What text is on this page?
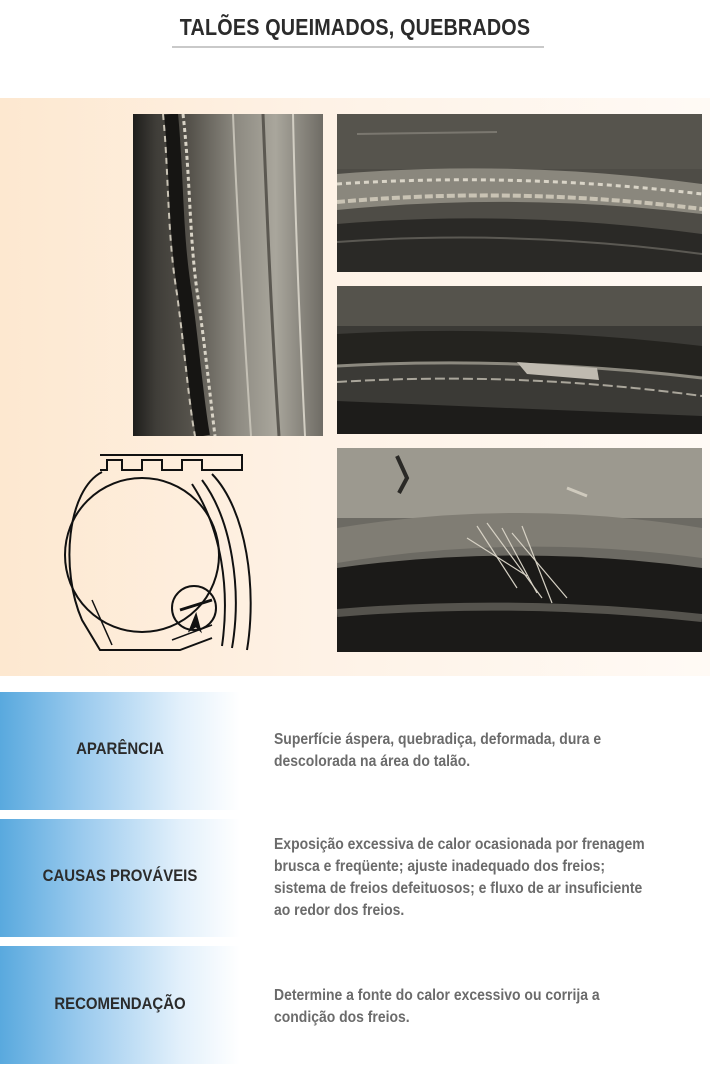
TALÕES QUEIMADOS, QUEBRADOS
APARÊNCIA	Superfície áspera, quebradiça, deformada, dura e
descolorada na área do talão.
CAUSAS PROVÁVEIS
Exposição excessiva de calor ocasionada por frenagem
brusca e freqüente; ajuste inadequado dos freios;
sistema de freios defeituosos; e fluxo de ar insuficiente
ao redor dos freios.
RECOMENDAÇÃO	Determine a fonte do calor excessivo ou corrija a
condição dos freios.
